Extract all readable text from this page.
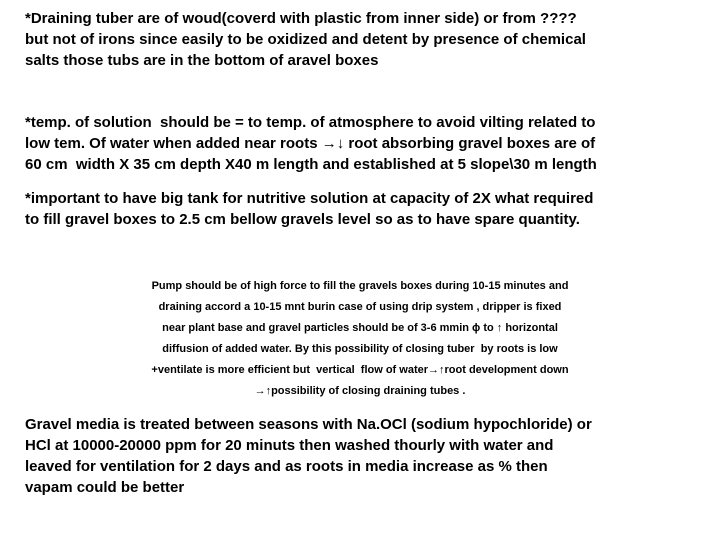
*Draining tuber are of woud(coverd with plastic from inner side) or from ????
but not of irons since easily to be oxidized and detent by presence of chemical
salts those tubs are in the bottom of aravel boxes
*temp. of solution  should be = to temp. of atmosphere to avoid vilting related to
low tem. Of water when added near roots →↓ root absorbing gravel boxes are of
60 cm  width X 35 cm depth X40 m length and established at 5 slope\30 m length
*important to have big tank for nutritive solution at capacity of 2X what required
to fill gravel boxes to 2.5 cm bellow gravels level so as to have spare quantity.
Pump should be of high force to fill the gravels boxes during 10-15 minutes and
draining accord a 10-15 mnt burin case of using drip system , dripper is fixed
near plant base and gravel particles should be of 3-6 mmin ɸ to ↑ horizontal
diffusion of added water. By this possibility of closing tuber  by roots is low
+ventilate is more efficient but  vertical  flow of water→↑root development down
→↑possibility of closing draining tubes .
Gravel media is treated between seasons with Na.OCl (sodium hypochloride) or
HCl at 10000-20000 ppm for 20 minuts then washed thourly with water and
leaved for ventilation for 2 days and as roots in media increase as % then
vapam could be better
